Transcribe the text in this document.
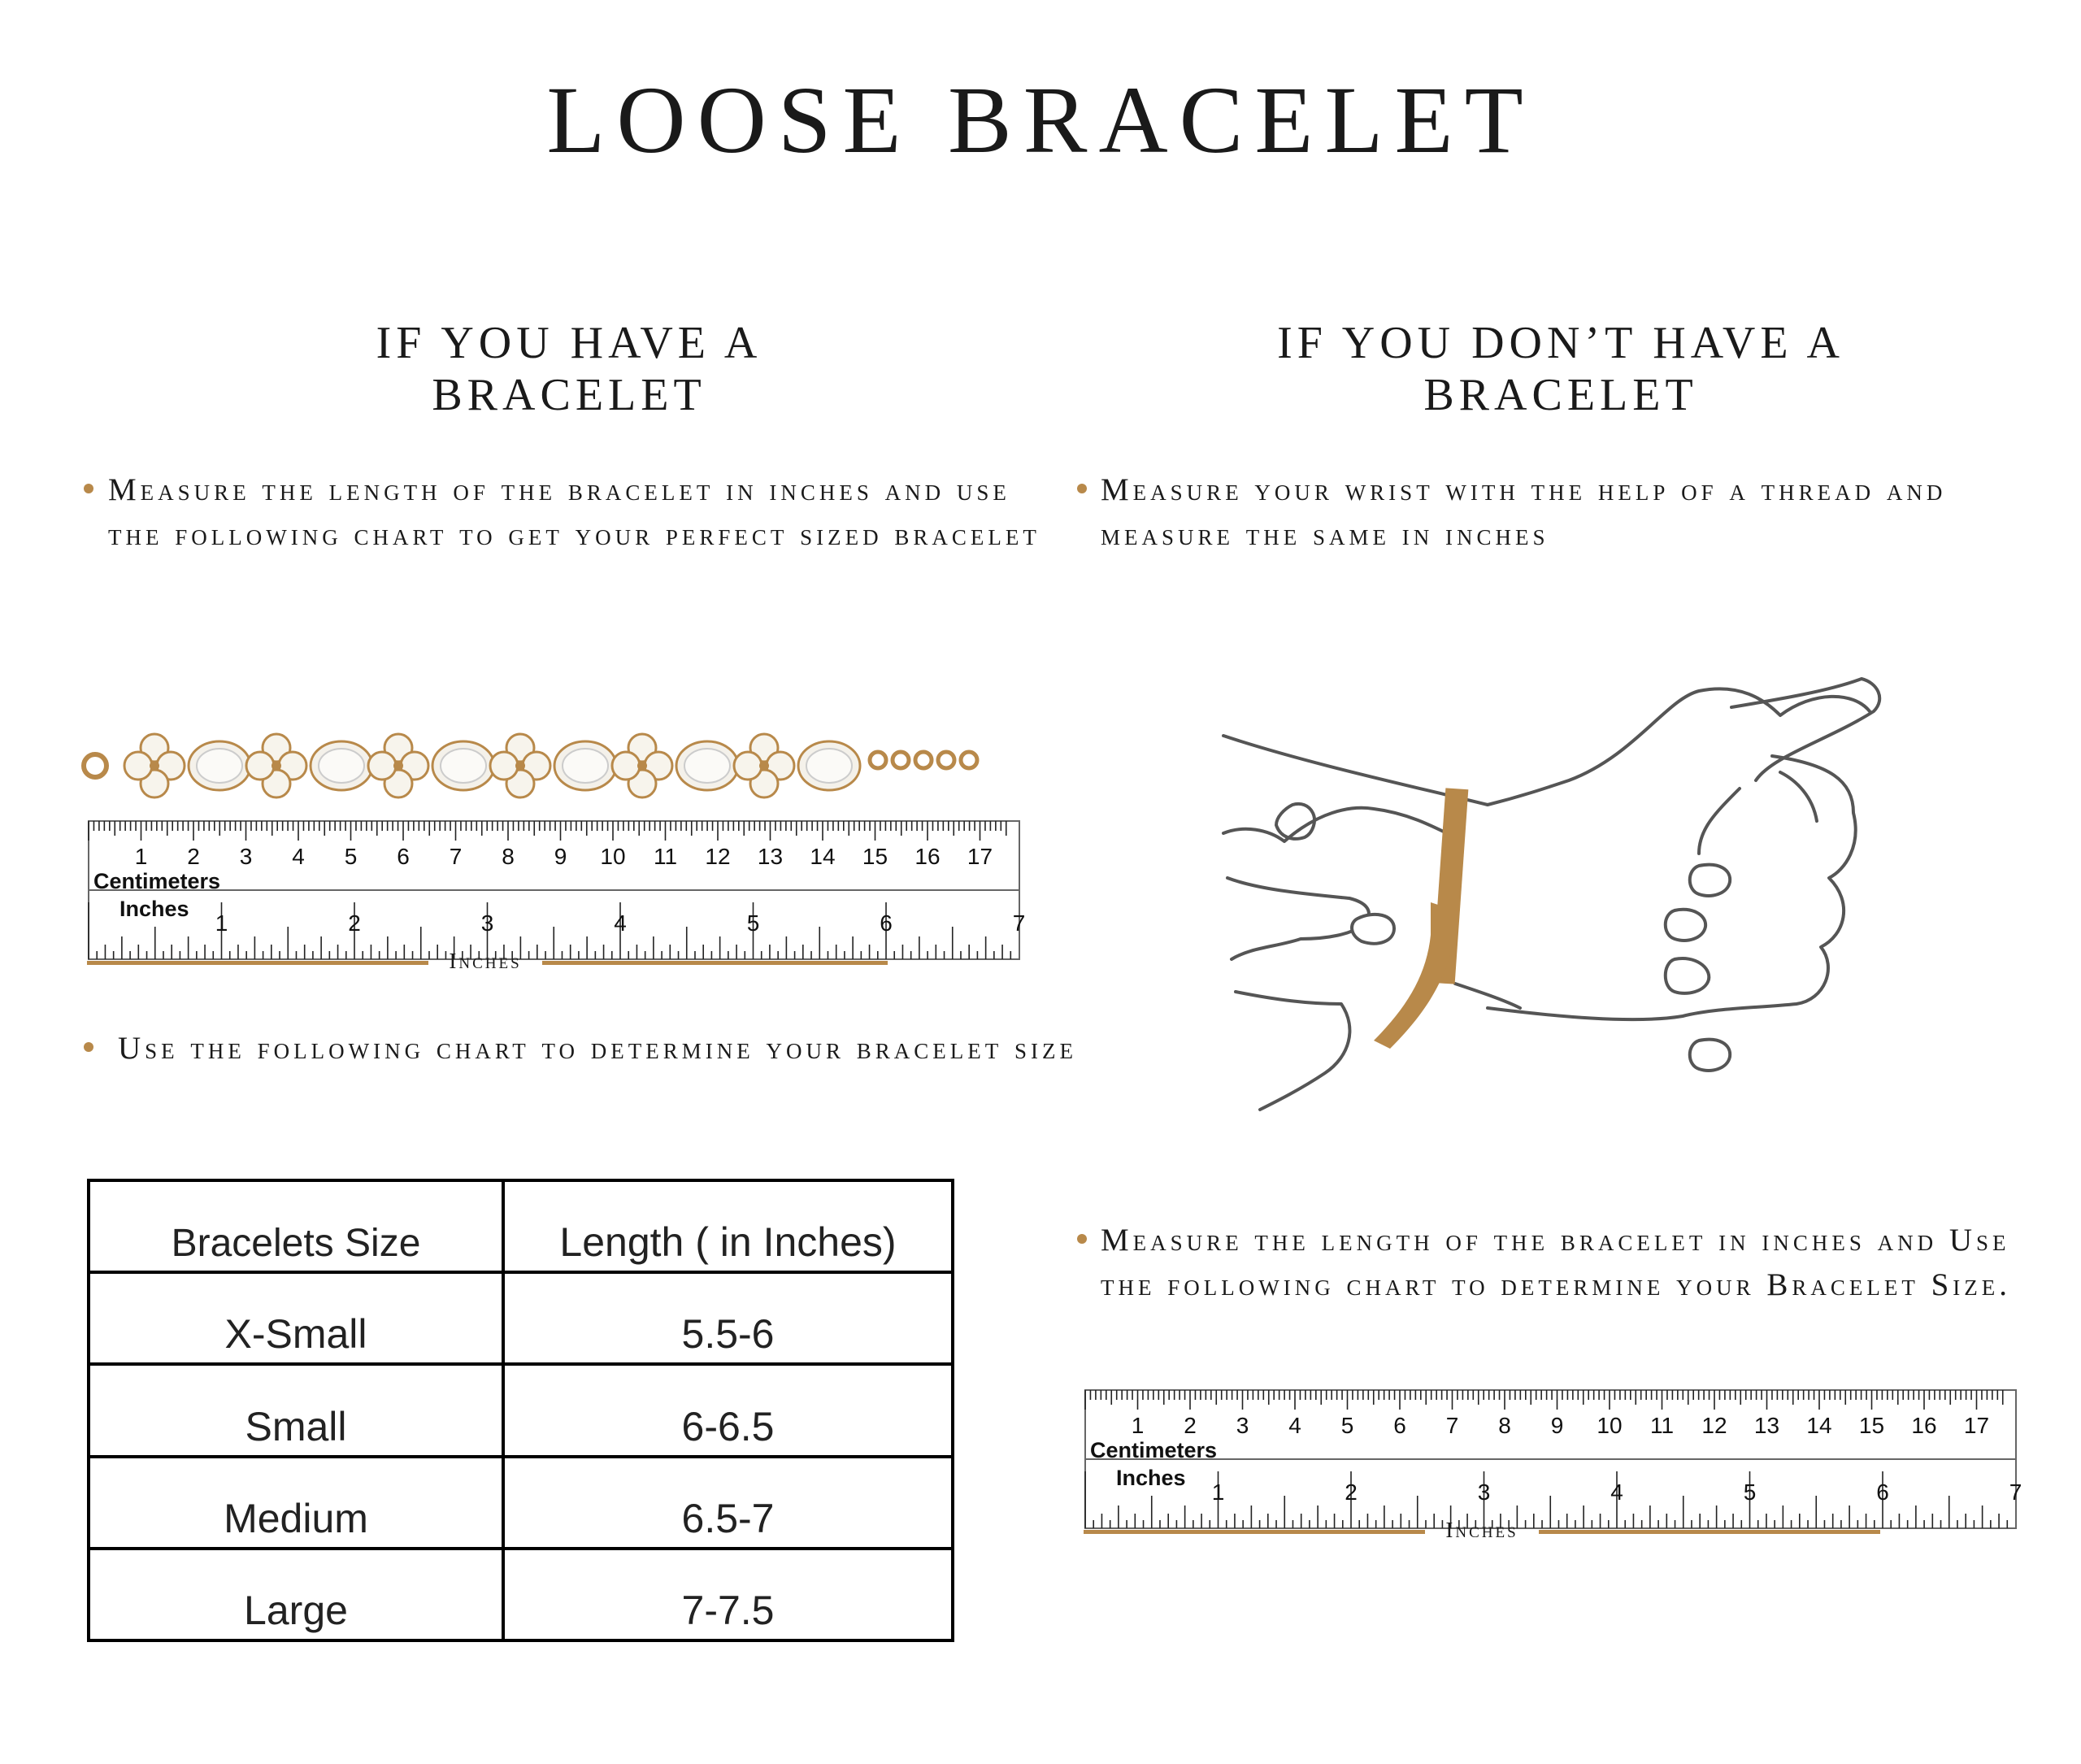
LOOSE BRACELET
IF YOU HAVE A BRACELET
IF YOU DON’T HAVE A BRACELET
Measure the length of the bracelet in inches and use the following chart to get your perfect sized bracelet
Measure your wrist with the help of a thread and measure the same in inches
1 2 3 4 5 6 7 8 9 10 11 12 13 14 15 16 17
Centimeters
1	2	3	4	5	6	7
Inches
Inches
Use the following chart to determine your bracelet size
Bracelets Size	Length ( in Inches)
X-Small	5.5-6
Small	6-6.5
Medium	6.5-7
Large	7-7.5
Measure the length of the bracelet in inches and Use the following chart to determine your Bracelet Size.
1 2 3 4 5 6 7 8 9 10 11 12 13 14 15 16 17
Centimeters
1	2	3	4	5	6	7
Inches
Inches
